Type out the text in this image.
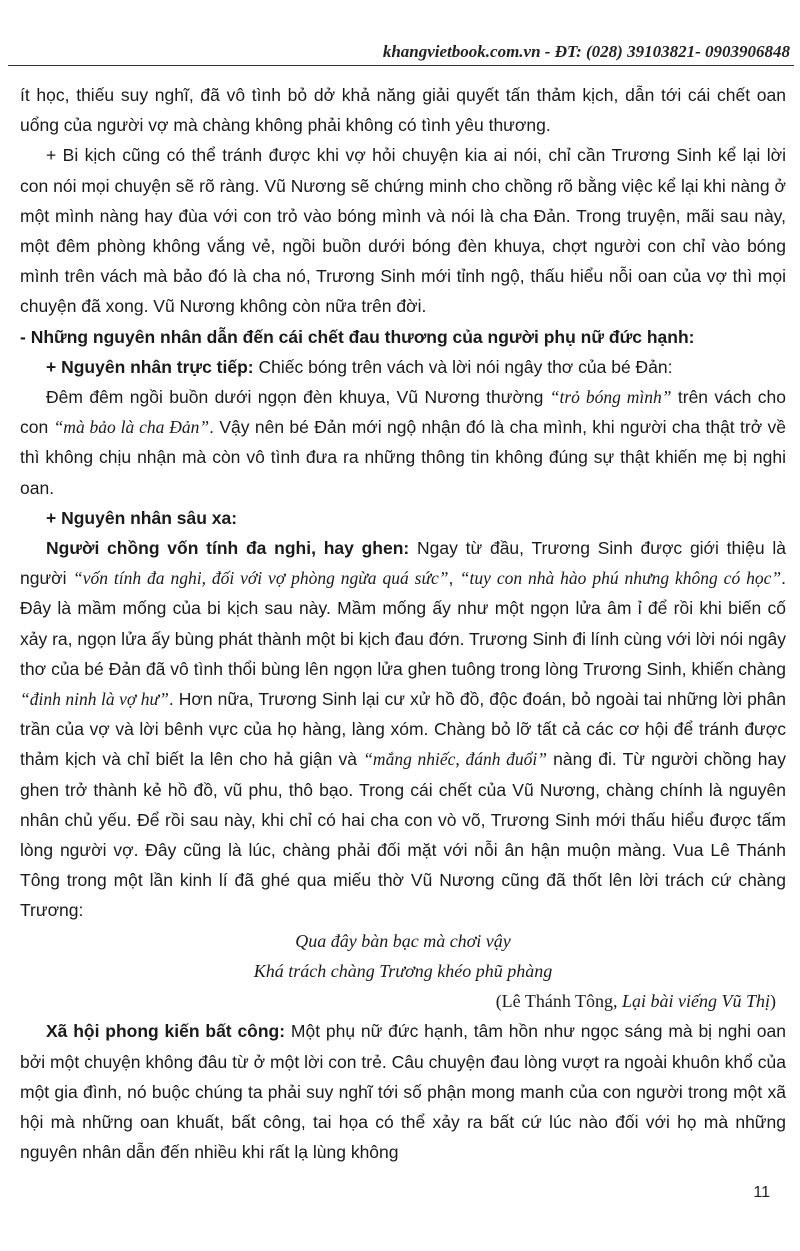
khangvietbook.com.vn - ĐT: (028) 39103821- 0903906848

ít học, thiếu suy nghĩ, đã vô tình bỏ dở khả năng giải quyết tấn thảm kịch, dẫn tới cái chết oan uổng của người vợ mà chàng không phải không có tình yêu thương.

+ Bi kịch cũng có thể tránh được khi vợ hỏi chuyện kia ai nói, chỉ cần Trương Sinh kể lại lời con nói mọi chuyện sẽ rõ ràng. Vũ Nương sẽ chứng minh cho chồng rõ bằng việc kể lại khi nàng ở một mình nàng hay đùa với con trỏ vào bóng mình và nói là cha Đản. Trong truyện, mãi sau này, một đêm phòng không vắng vẻ, ngồi buồn dưới bóng đèn khuya, chợt người con chỉ vào bóng mình trên vách mà bảo đó là cha nó, Trương Sinh mới tỉnh ngộ, thấu hiểu nỗi oan của vợ thì mọi chuyện đã xong. Vũ Nương không còn nữa trên đời.

- Những nguyên nhân dẫn đến cái chết đau thương của người phụ nữ đức hạnh:

+ Nguyên nhân trực tiếp: Chiếc bóng trên vách và lời nói ngây thơ của bé Đản:

Đêm đêm ngồi buồn dưới ngọn đèn khuya, Vũ Nương thường “trỏ bóng mình” trên vách cho con “mà bảo là cha Đản”. Vậy nên bé Đản mới ngộ nhận đó là cha mình, khi người cha thật trở về thì không chịu nhận mà còn vô tình đưa ra những thông tin không đúng sự thật khiến mẹ bị nghi oan.

+ Nguyên nhân sâu xa:

Người chồng vốn tính đa nghi, hay ghen: Ngay từ đầu, Trương Sinh được giới thiệu là người “vốn tính đa nghi, đối với vợ phòng ngừa quá sức”, “tuy con nhà hào phú nhưng không có học”. Đây là mầm mống của bi kịch sau này. Mầm mống ấy như một ngọn lửa âm ỉ để rồi khi biến cố xảy ra, ngọn lửa ấy bùng phát thành một bi kịch đau đớn. Trương Sinh đi lính cùng với lời nói ngây thơ của bé Đản đã vô tình thổi bùng lên ngọn lửa ghen tuông trong lòng Trương Sinh, khiến chàng “đinh ninh là vợ hư”. Hơn nữa, Trương Sinh lại cư xử hồ đồ, độc đoán, bỏ ngoài tai những lời phân trần của vợ và lời bênh vực của họ hàng, làng xóm. Chàng bỏ lỡ tất cả các cơ hội để tránh được thảm kịch và chỉ biết la lên cho hả giận và “mắng nhiếc, đánh đuổi” nàng đi. Từ người chồng hay ghen trở thành kẻ hồ đồ, vũ phu, thô bạo. Trong cái chết của Vũ Nương, chàng chính là nguyên nhân chủ yếu. Để rồi sau này, khi chỉ có hai cha con vò võ, Trương Sinh mới thấu hiểu được tấm lòng người vợ. Đây cũng là lúc, chàng phải đối mặt với nỗi ân hận muộn màng. Vua Lê Thánh Tông trong một lần kinh lí đã ghé qua miếu thờ Vũ Nương cũng đã thốt lên lời trách cứ chàng Trương:

Qua đây bàn bạc mà chơi vậy

Khá trách chàng Trương khéo phũ phàng

(Lê Thánh Tông, Lại bài viếng Vũ Thị)

Xã hội phong kiến bất công: Một phụ nữ đức hạnh, tâm hồn như ngọc sáng mà bị nghi oan bởi một chuyện không đâu từ ở một lời con trẻ. Câu chuyện đau lòng vượt ra ngoài khuôn khổ của một gia đình, nó buộc chúng ta phải suy nghĩ tới số phận mong manh của con người trong một xã hội mà những oan khuất, bất công, tai họa có thể xảy ra bất cứ lúc nào đối với họ mà những nguyên nhân dẫn đến nhiều khi rất lạ lùng không

11
